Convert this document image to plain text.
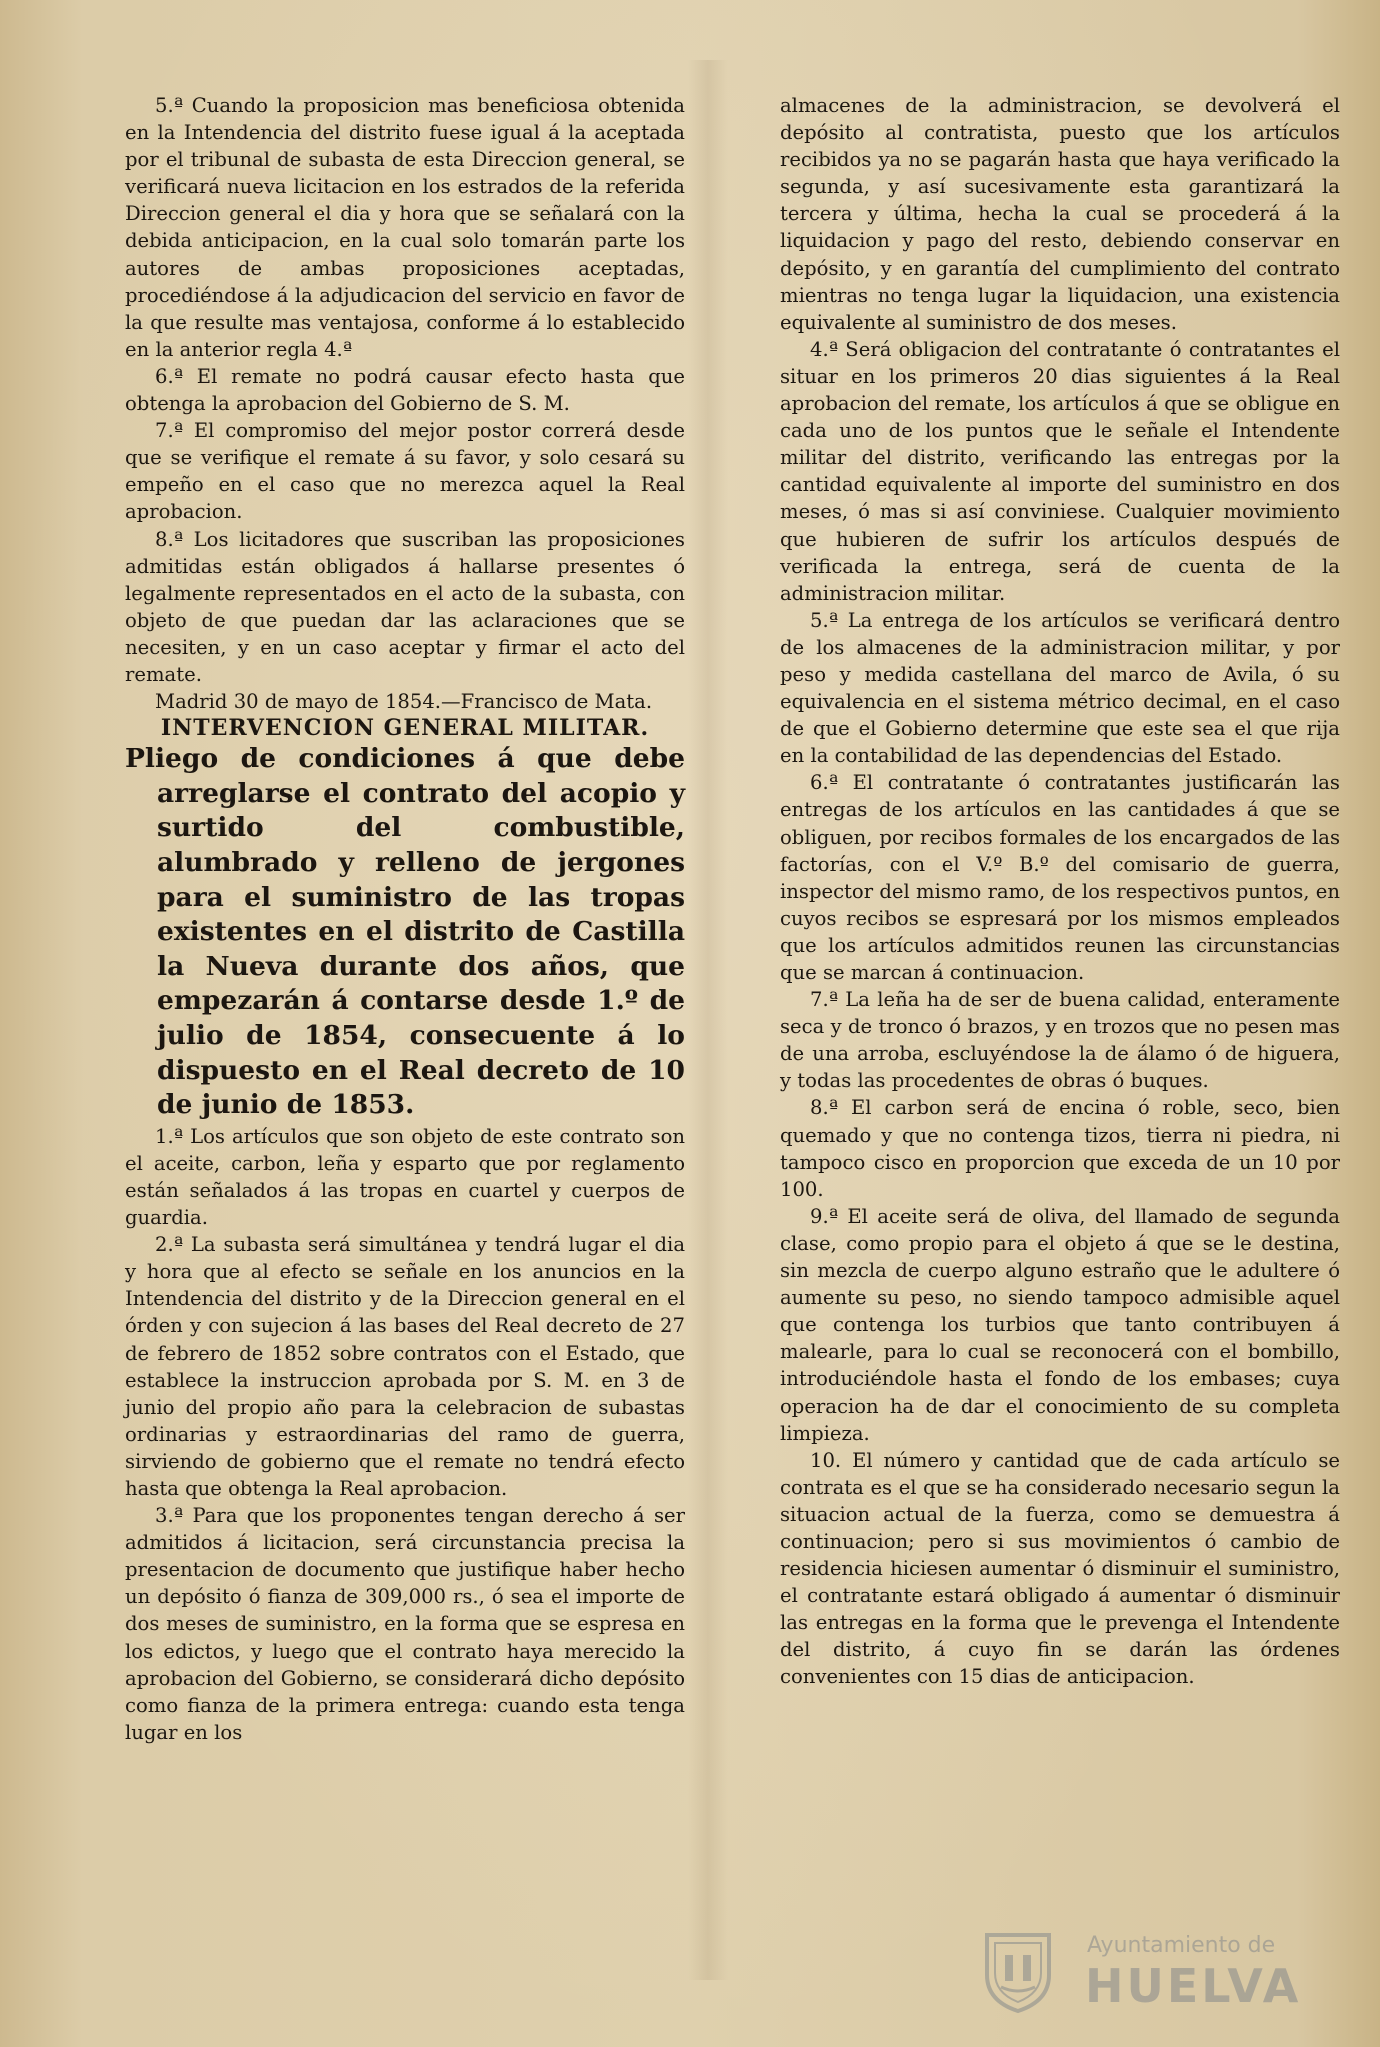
5.ª Cuando la proposicion mas beneficiosa obtenida en la Intendencia del distrito fuese igual á la aceptada por el tribunal de subasta de esta Direccion general, se verificará nueva licitacion en los estrados de la referida Direccion general el dia y hora que se señalará con la debida anticipacion, en la cual solo tomarán parte los autores de ambas proposiciones aceptadas, procediéndose á la adjudicacion del servicio en favor de la que resulte mas ventajosa, conforme á lo establecido en la anterior regla 4.ª

6.ª El remate no podrá causar efecto hasta que obtenga la aprobacion del Gobierno de S. M.

7.ª El compromiso del mejor postor correrá desde que se verifique el remate á su favor, y solo cesará su empeño en el caso que no merezca aquel la Real aprobacion.

8.ª Los licitadores que suscriban las proposiciones admitidas están obligados á hallarse presentes ó legalmente representados en el acto de la subasta, con objeto de que puedan dar las aclaraciones que se necesiten, y en un caso aceptar y firmar el acto del remate.

Madrid 30 de mayo de 1854.—Francisco de Mata.

INTERVENCION GENERAL MILITAR.

Pliego de condiciones á que debe arreglarse el contrato del acopio y surtido del combustible, alumbrado y relleno de jergones para el suministro de las tropas existentes en el distrito de Castilla la Nueva durante dos años, que empezarán á contarse desde 1.º de julio de 1854, consecuente á lo dispuesto en el Real decreto de 10 de junio de 1853.

1.ª Los artículos que son objeto de este contrato son el aceite, carbon, leña y esparto que por reglamento están señalados á las tropas en cuartel y cuerpos de guardia.

2.ª La subasta será simultánea y tendrá lugar el dia y hora que al efecto se señale en los anuncios en la Intendencia del distrito y de la Direccion general en el órden y con sujecion á las bases del Real decreto de 27 de febrero de 1852 sobre contratos con el Estado, que establece la instruccion aprobada por S. M. en 3 de junio del propio año para la celebracion de subastas ordinarias y estraordinarias del ramo de guerra, sirviendo de gobierno que el remate no tendrá efecto hasta que obtenga la Real aprobacion.

3.ª Para que los proponentes tengan derecho á ser admitidos á licitacion, será circunstancia precisa la presentacion de documento que justifique haber hecho un depósito ó fianza de 309,000 rs., ó sea el importe de dos meses de suministro, en la forma que se espresa en los edictos, y luego que el contrato haya merecido la aprobacion del Gobierno, se considerará dicho depósito como fianza de la primera entrega: cuando esta tenga lugar en los

almacenes de la administracion, se devolverá el depósito al contratista, puesto que los artículos recibidos ya no se pagarán hasta que haya verificado la segunda, y así sucesivamente esta garantizará la tercera y última, hecha la cual se procederá á la liquidacion y pago del resto, debiendo conservar en depósito, y en garantía del cumplimiento del contrato mientras no tenga lugar la liquidacion, una existencia equivalente al suministro de dos meses.

4.ª Será obligacion del contratante ó contratantes el situar en los primeros 20 dias siguientes á la Real aprobacion del remate, los artículos á que se obligue en cada uno de los puntos que le señale el Intendente militar del distrito, verificando las entregas por la cantidad equivalente al importe del suministro en dos meses, ó mas si así conviniese. Cualquier movimiento que hubieren de sufrir los artículos después de verificada la entrega, será de cuenta de la administracion militar.

5.ª La entrega de los artículos se verificará dentro de los almacenes de la administracion militar, y por peso y medida castellana del marco de Avila, ó su equivalencia en el sistema métrico decimal, en el caso de que el Gobierno determine que este sea el que rija en la contabilidad de las dependencias del Estado.

6.ª El contratante ó contratantes justificarán las entregas de los artículos en las cantidades á que se obliguen, por recibos formales de los encargados de las factorías, con el V.º B.º del comisario de guerra, inspector del mismo ramo, de los respectivos puntos, en cuyos recibos se espresará por los mismos empleados que los artículos admitidos reunen las circunstancias que se marcan á continuacion.

7.ª La leña ha de ser de buena calidad, enteramente seca y de tronco ó brazos, y en trozos que no pesen mas de una arroba, escluyéndose la de álamo ó de higuera, y todas las procedentes de obras ó buques.

8.ª El carbon será de encina ó roble, seco, bien quemado y que no contenga tizos, tierra ni piedra, ni tampoco cisco en proporcion que exceda de un 10 por 100.

9.ª El aceite será de oliva, del llamado de segunda clase, como propio para el objeto á que se le destina, sin mezcla de cuerpo alguno estraño que le adultere ó aumente su peso, no siendo tampoco admisible aquel que contenga los turbios que tanto contribuyen á malearle, para lo cual se reconocerá con el bombillo, introduciéndole hasta el fondo de los embases; cuya operacion ha de dar el conocimiento de su completa limpieza.

10. El número y cantidad que de cada artículo se contrata es el que se ha considerado necesario segun la situacion actual de la fuerza, como se demuestra á continuacion; pero si sus movimientos ó cambio de residencia hiciesen aumentar ó disminuir el suministro, el contratante estará obligado á aumentar ó disminuir las entregas en la forma que le prevenga el Intendente del distrito, á cuyo fin se darán las órdenes convenientes con 15 dias de anticipacion.

Ayuntamiento de
HUELVA
